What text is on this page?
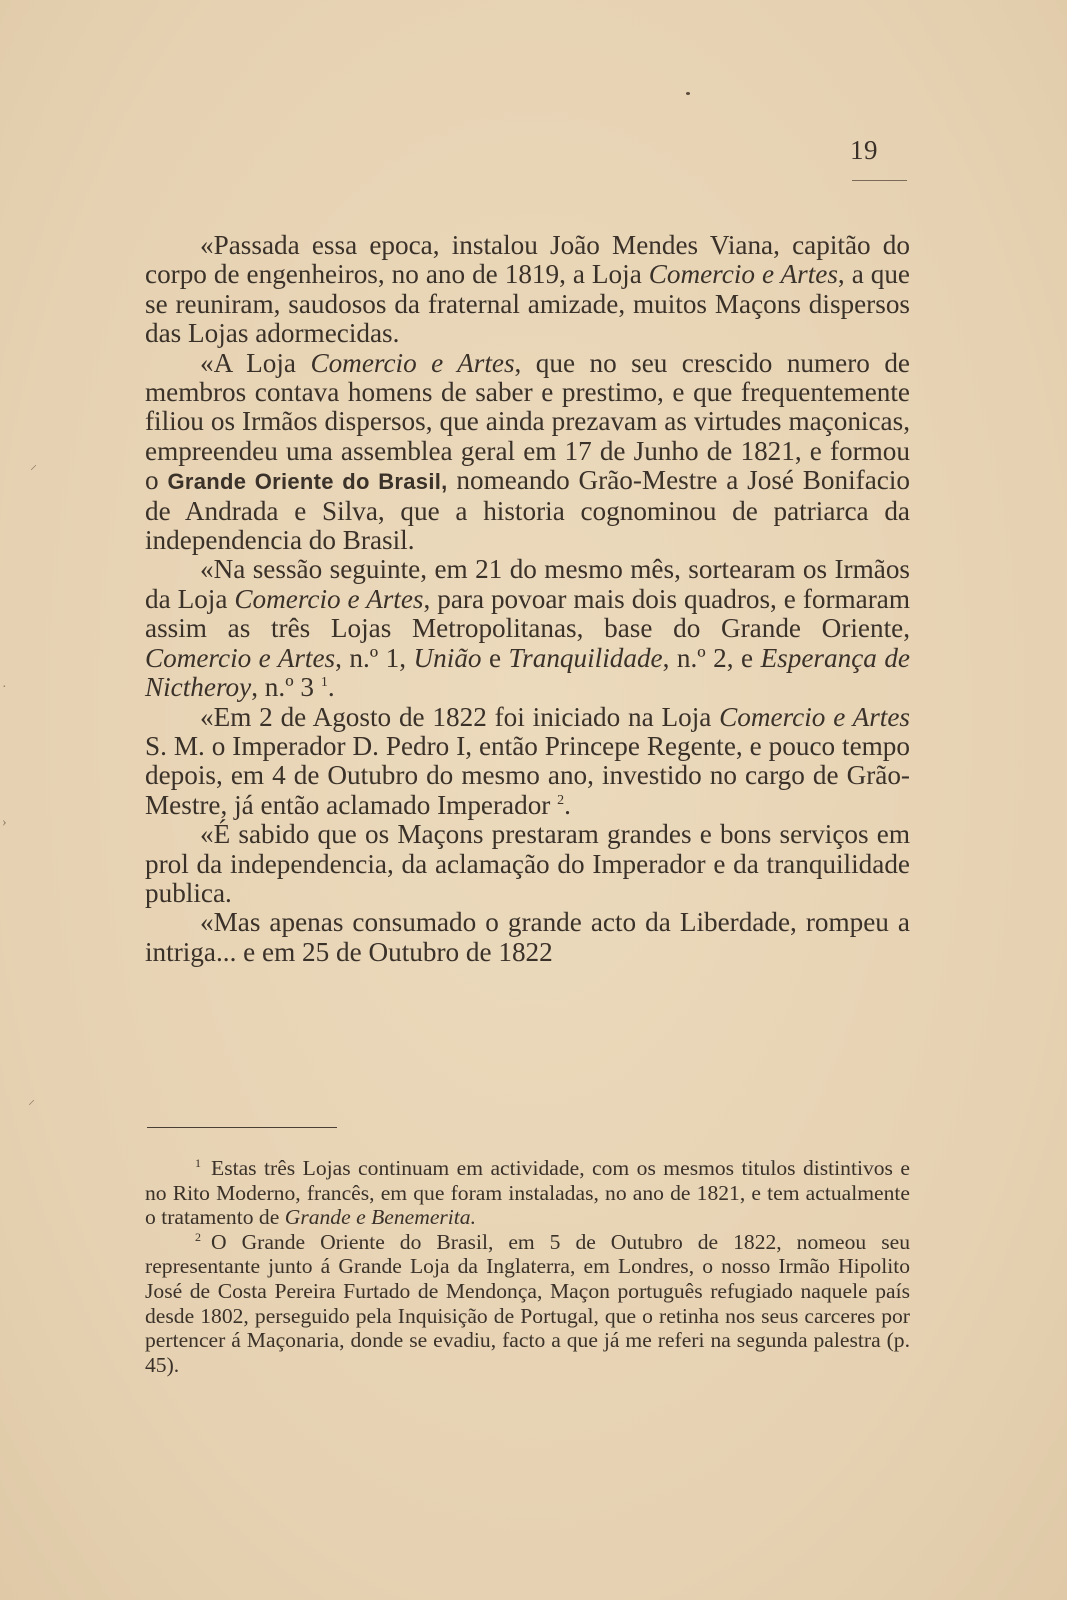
19
⸝
·
›
⸝

«Passada essa epoca, instalou João Mendes Viana, capitão do corpo de engenheiros, no ano de 1819, a Loja Comercio e Artes, a que se reuniram, saudosos da fraternal amizade, muitos Maçons dispersos das Lojas adormecidas.

«A Loja Comercio e Artes, que no seu crescido numero de membros contava homens de saber e prestimo, e que frequentemente filiou os Irmãos dispersos, que ainda prezavam as virtudes maçonicas, empreendeu uma assemblea geral em 17 de Junho de 1821, e formou o Grande Oriente do Brasil, nomeando Grão-Mestre a José Bonifacio de Andrada e Silva, que a historia cognominou de patriarca da independencia do Brasil.

«Na sessão seguinte, em 21 do mesmo mês, sortearam os Irmãos da Loja Comercio e Artes, para povoar mais dois quadros, e formaram assim as três Lojas Metropolitanas, base do Grande Oriente, Comercio e Artes, n.º 1, União e Tranquilidade, n.º 2, e Esperança de Nictheroy, n.º 3 $^1$.

«Em 2 de Agosto de 1822 foi iniciado na Loja Comercio e Artes S. M. o Imperador D. Pedro I, então Princepe Regente, e pouco tempo depois, em 4 de Outubro do mesmo ano, investido no cargo de Grão-Mestre, já então aclamado Imperador $^2$.

«É sabido que os Maçons prestaram grandes e bons serviços em prol da independencia, da aclamação do Imperador e da tranquilidade publica.

«Mas apenas consumado o grande acto da Liberdade, rompeu a intriga... e em 25 de Outubro de 1822

$^1$ Estas três Lojas continuam em actividade, com os mesmos titulos distintivos e no Rito Moderno, francês, em que foram instaladas, no ano de 1821, e tem actualmente o tratamento de Grande e Benemerita.

$^2$ O Grande Oriente do Brasil, em 5 de Outubro de 1822, nomeou seu representante junto á Grande Loja da Inglaterra, em Londres, o nosso Irmão Hipolito José de Costa Pereira Furtado de Mendonça, Maçon português refugiado naquele país desde 1802, perseguido pela Inquisição de Portugal, que o retinha nos seus carceres por pertencer á Maçonaria, donde se evadiu, facto a que já me referi na segunda palestra (p. 45).
